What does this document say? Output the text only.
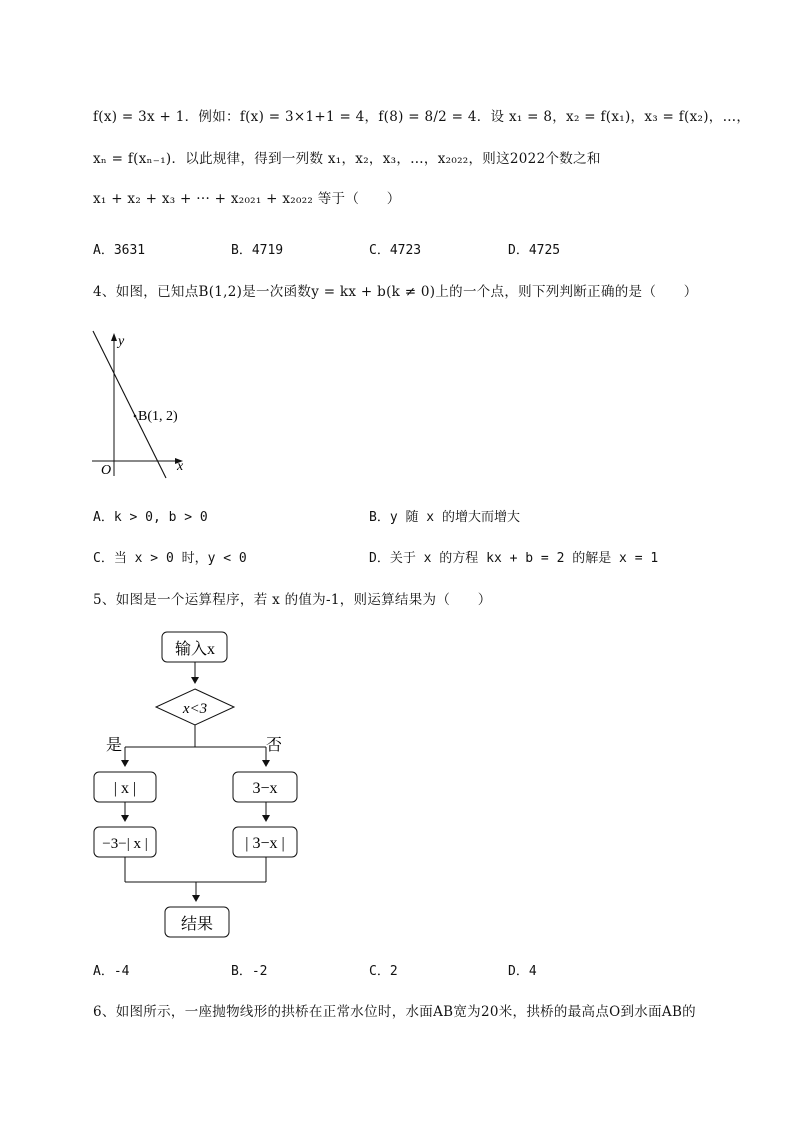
f(x) = 3x + 1．例如：f(x) = 3×1+1 = 4，f(8) = 8/2 = 4．设 x₁ = 8，x₂ = f(x₁)，x₃ = f(x₂)，…，
xₙ = f(xₙ₋₁)．以此规律，得到一列数 x₁，x₂，x₃，…，x₂₀₂₂，则这2022个数之和
x₁ + x₂ + x₃ + ··· + x₂₀₂₁ + x₂₀₂₂ 等于（　　）
A．3631	B．4719	C．4723	D．4725
4、如图，已知点B(1,2)是一次函数y = kx + b(k ≠ 0)上的一个点，则下列判断正确的是（　　）
y
x
O
B(1, 2)
A．k > 0, b > 0	B．y 随 x 的增大而增大
C．当 x > 0 时，y < 0	D．关于 x 的方程 kx + b = 2 的解是 x = 1
5、如图是一个运算程序，若 x 的值为-1，则运算结果为（　　）
输入x
x<3
是	否
| x |
−3−| x |
3−x
| 3−x |
结果
A．-4	B．-2	C．2	D．4
6、如图所示，一座抛物线形的拱桥在正常水位时，水面AB宽为20米，拱桥的最高点O到水面AB的
